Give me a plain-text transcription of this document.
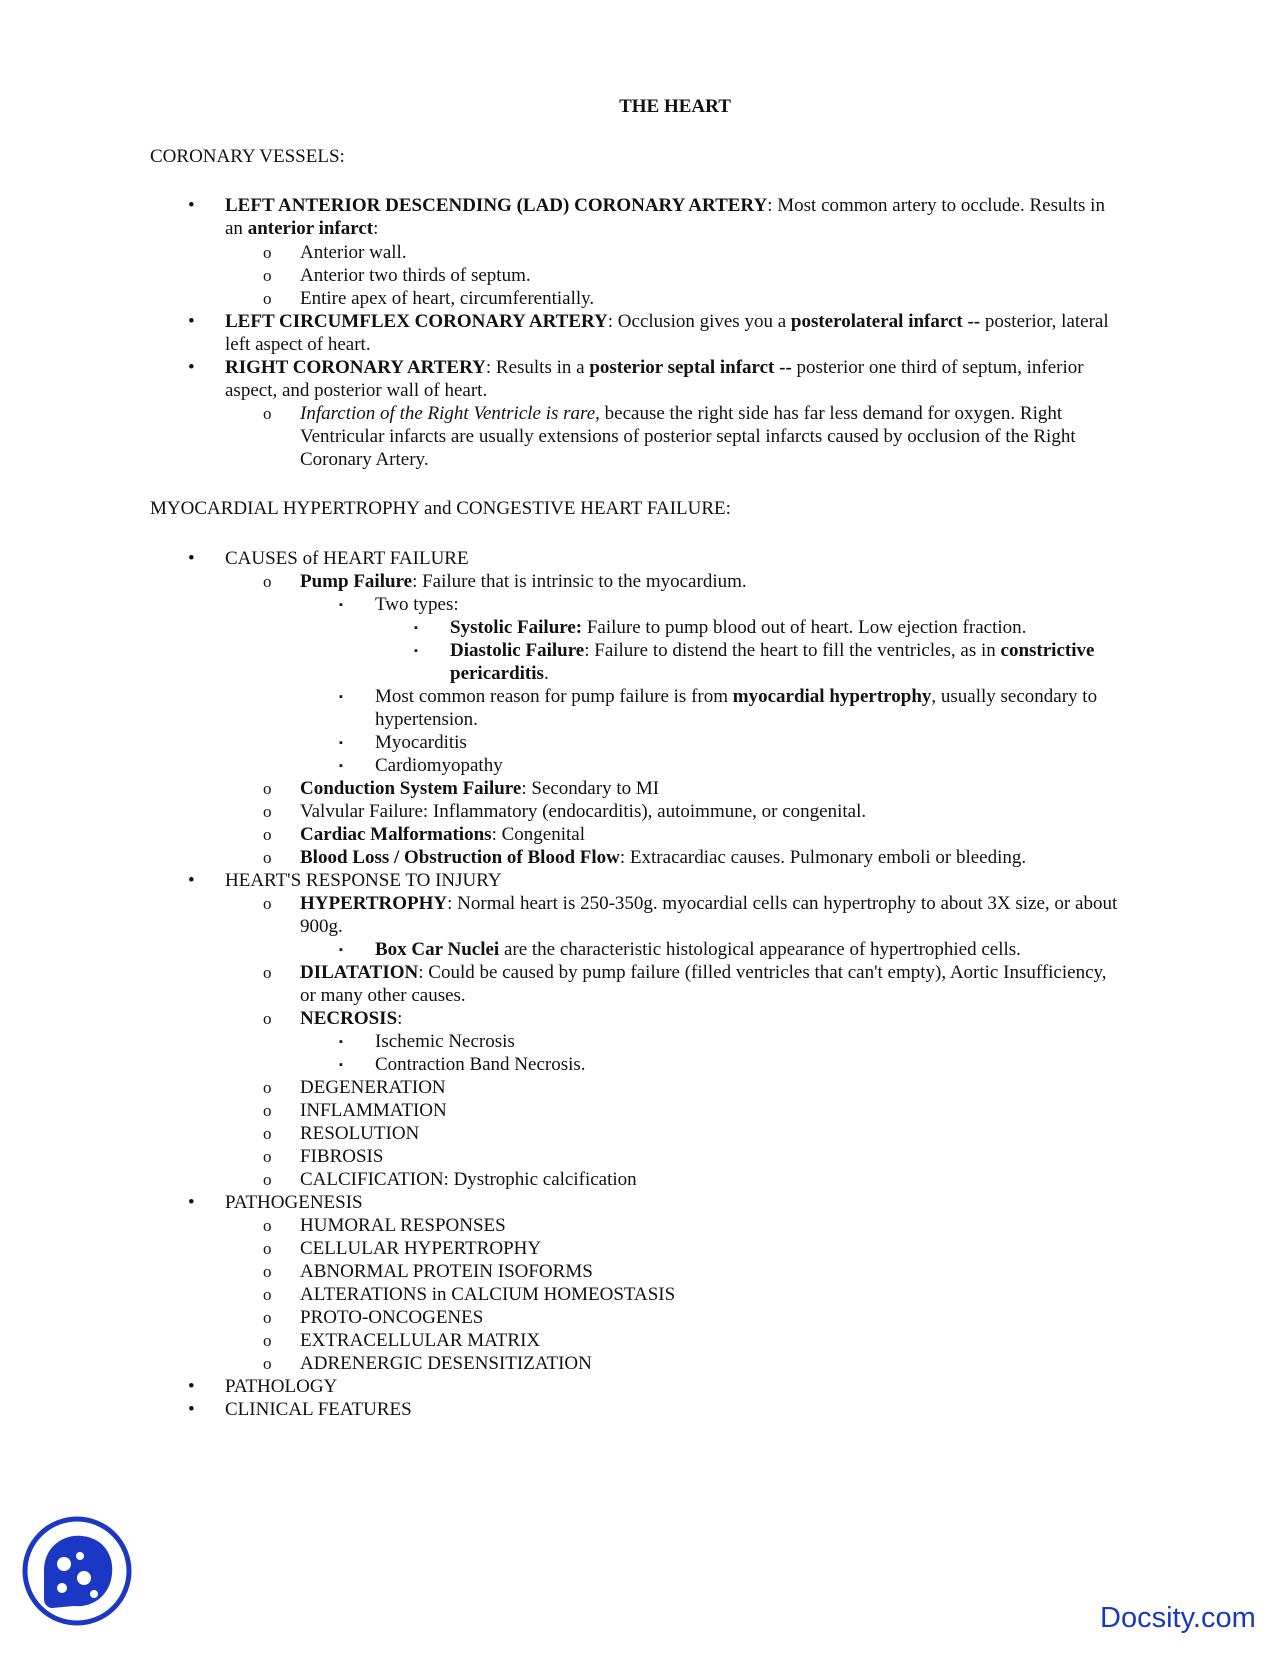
THE HEART
CORONARY VESSELS:
• LEFT ANTERIOR DESCENDING (LAD) CORONARY ARTERY: Most common artery to occlude. Results in
an anterior infarct:
o Anterior wall.
o Anterior two thirds of septum.
o Entire apex of heart, circumferentially.
• LEFT CIRCUMFLEX CORONARY ARTERY: Occlusion gives you a posterolateral infarct -- posterior, lateral
left aspect of heart.
• RIGHT CORONARY ARTERY: Results in a posterior septal infarct -- posterior one third of septum, inferior
aspect, and posterior wall of heart.
o Infarction of the Right Ventricle is rare, because the right side has far less demand for oxygen. Right
Ventricular infarcts are usually extensions of posterior septal infarcts caused by occlusion of the Right
Coronary Artery.
MYOCARDIAL HYPERTROPHY and CONGESTIVE HEART FAILURE:
• CAUSES of HEART FAILURE
o Pump Failure: Failure that is intrinsic to the myocardium.
▪ Two types:
▪ Systolic Failure: Failure to pump blood out of heart. Low ejection fraction.
▪ Diastolic Failure: Failure to distend the heart to fill the ventricles, as in constrictive
pericarditis.
▪ Most common reason for pump failure is from myocardial hypertrophy, usually secondary to
hypertension.
▪ Myocarditis
▪ Cardiomyopathy
o Conduction System Failure: Secondary to MI
o Valvular Failure: Inflammatory (endocarditis), autoimmune, or congenital.
o Cardiac Malformations: Congenital
o Blood Loss / Obstruction of Blood Flow: Extracardiac causes. Pulmonary emboli or bleeding.
• HEART'S RESPONSE TO INJURY
o HYPERTROPHY: Normal heart is 250-350g. myocardial cells can hypertrophy to about 3X size, or about
900g.
▪ Box Car Nuclei are the characteristic histological appearance of hypertrophied cells.
o DILATATION: Could be caused by pump failure (filled ventricles that can't empty), Aortic Insufficiency,
or many other causes.
o NECROSIS:
▪ Ischemic Necrosis
▪ Contraction Band Necrosis.
o DEGENERATION
o INFLAMMATION
o RESOLUTION
o FIBROSIS
o CALCIFICATION: Dystrophic calcification
• PATHOGENESIS
o HUMORAL RESPONSES
o CELLULAR HYPERTROPHY
o ABNORMAL PROTEIN ISOFORMS
o ALTERATIONS in CALCIUM HOMEOSTASIS
o PROTO-ONCOGENES
o EXTRACELLULAR MATRIX
o ADRENERGIC DESENSITIZATION
• PATHOLOGY
• CLINICAL FEATURES
Docsity.com
